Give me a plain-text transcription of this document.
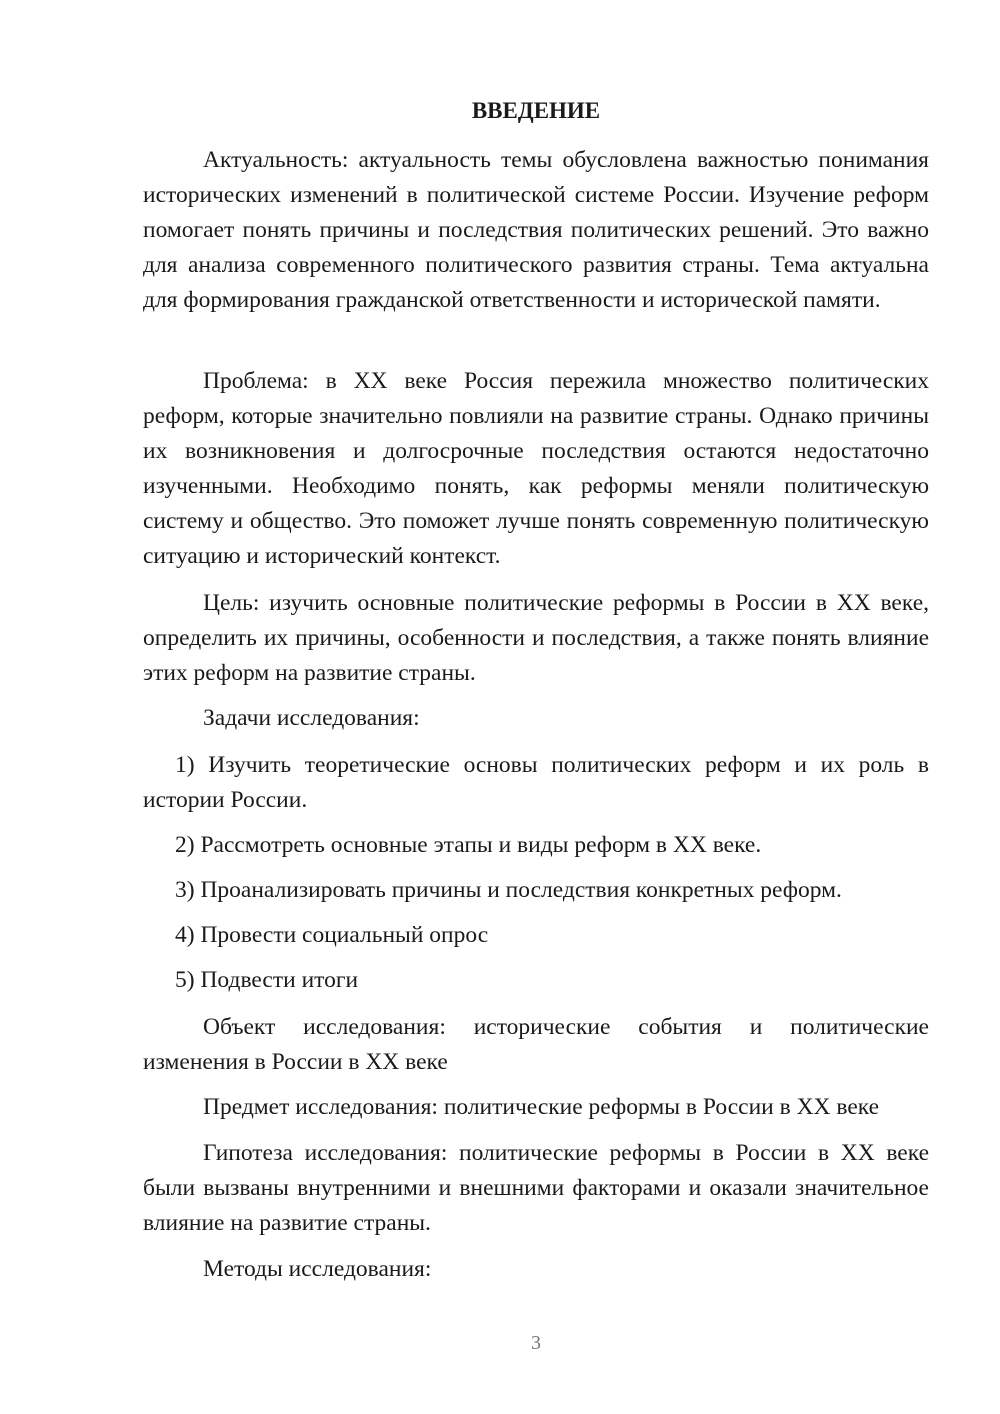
ВВЕДЕНИЕ

Актуальность: актуальность темы обусловлена важностью понимания исторических изменений в политической системе России. Изучение реформ помогает понять причины и последствия политических решений. Это важно для анализа современного политического развития страны. Тема актуальна для формирования гражданской ответственности и исторической памяти.

Проблема: в XX веке Россия пережила множество политических реформ, которые значительно повлияли на развитие страны. Однако причины их возникновения и долгосрочные последствия остаются недостаточно изученными. Необходимо понять, как реформы меняли политическую систему и общество. Это поможет лучше понять современную политическую ситуацию и исторический контекст.

Цель: изучить основные политические реформы в России в XX веке, определить их причины, особенности и последствия, а также понять влияние этих реформ на развитие страны.

Задачи исследования:

1) Изучить теоретические основы политических реформ и их роль в истории России.

2) Рассмотреть основные этапы и виды реформ в XX веке.

3) Проанализировать причины и последствия конкретных реформ.

4) Провести социальный опрос

5) Подвести итоги

Объект исследования: исторические события и политические изменения в России в XX веке

Предмет исследования: политические реформы в России в XX веке

Гипотеза исследования: политические реформы в России в XX веке были вызваны внутренними и внешними факторами и оказали значительное влияние на развитие страны.

Методы исследования:

3
